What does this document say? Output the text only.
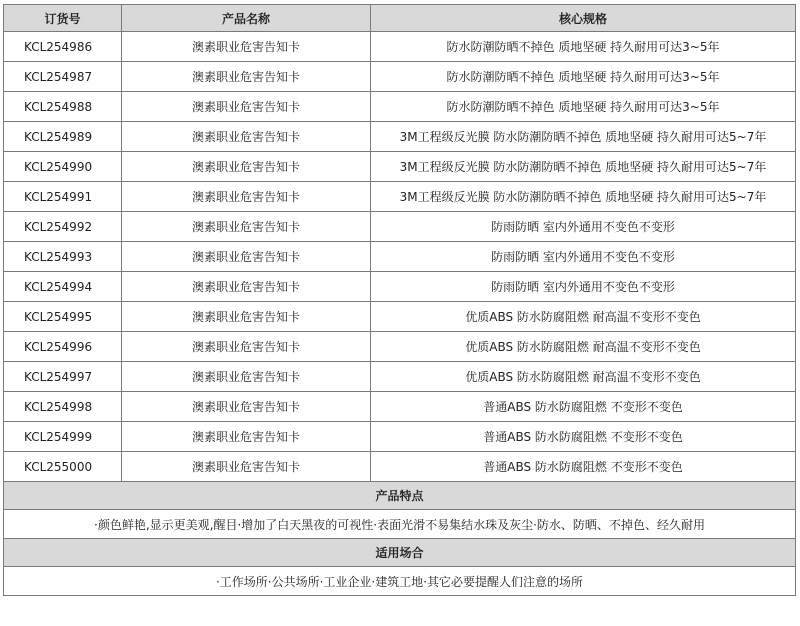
订货号	产品名称	核心规格
KCL254986	澳素职业危害告知卡	防水防潮防晒不掉色 质地坚硬 持久耐用可达3~5年
KCL254987	澳素职业危害告知卡	防水防潮防晒不掉色 质地坚硬 持久耐用可达3~5年
KCL254988	澳素职业危害告知卡	防水防潮防晒不掉色 质地坚硬 持久耐用可达3~5年
KCL254989	澳素职业危害告知卡	3M工程级反光膜 防水防潮防晒不掉色 质地坚硬 持久耐用可达5~7年
KCL254990	澳素职业危害告知卡	3M工程级反光膜 防水防潮防晒不掉色 质地坚硬 持久耐用可达5~7年
KCL254991	澳素职业危害告知卡	3M工程级反光膜 防水防潮防晒不掉色 质地坚硬 持久耐用可达5~7年
KCL254992	澳素职业危害告知卡	防雨防晒 室内外通用不变色不变形
KCL254993	澳素职业危害告知卡	防雨防晒 室内外通用不变色不变形
KCL254994	澳素职业危害告知卡	防雨防晒 室内外通用不变色不变形
KCL254995	澳素职业危害告知卡	优质ABS 防水防腐阻燃 耐高温不变形不变色
KCL254996	澳素职业危害告知卡	优质ABS 防水防腐阻燃 耐高温不变形不变色
KCL254997	澳素职业危害告知卡	优质ABS 防水防腐阻燃 耐高温不变形不变色
KCL254998	澳素职业危害告知卡	普通ABS 防水防腐阻燃 不变形不变色
KCL254999	澳素职业危害告知卡	普通ABS 防水防腐阻燃 不变形不变色
KCL255000	澳素职业危害告知卡	普通ABS 防水防腐阻燃 不变形不变色
产品特点		
·颜色鲜艳,显示更美观,醒目·增加了白天黑夜的可视性·表面光滑不易集结水珠及灰尘·防水、防晒、不掉色、经久耐用		
适用场合		
·工作场所·公共场所·工业企业·建筑工地·其它必要提醒人们注意的场所		
